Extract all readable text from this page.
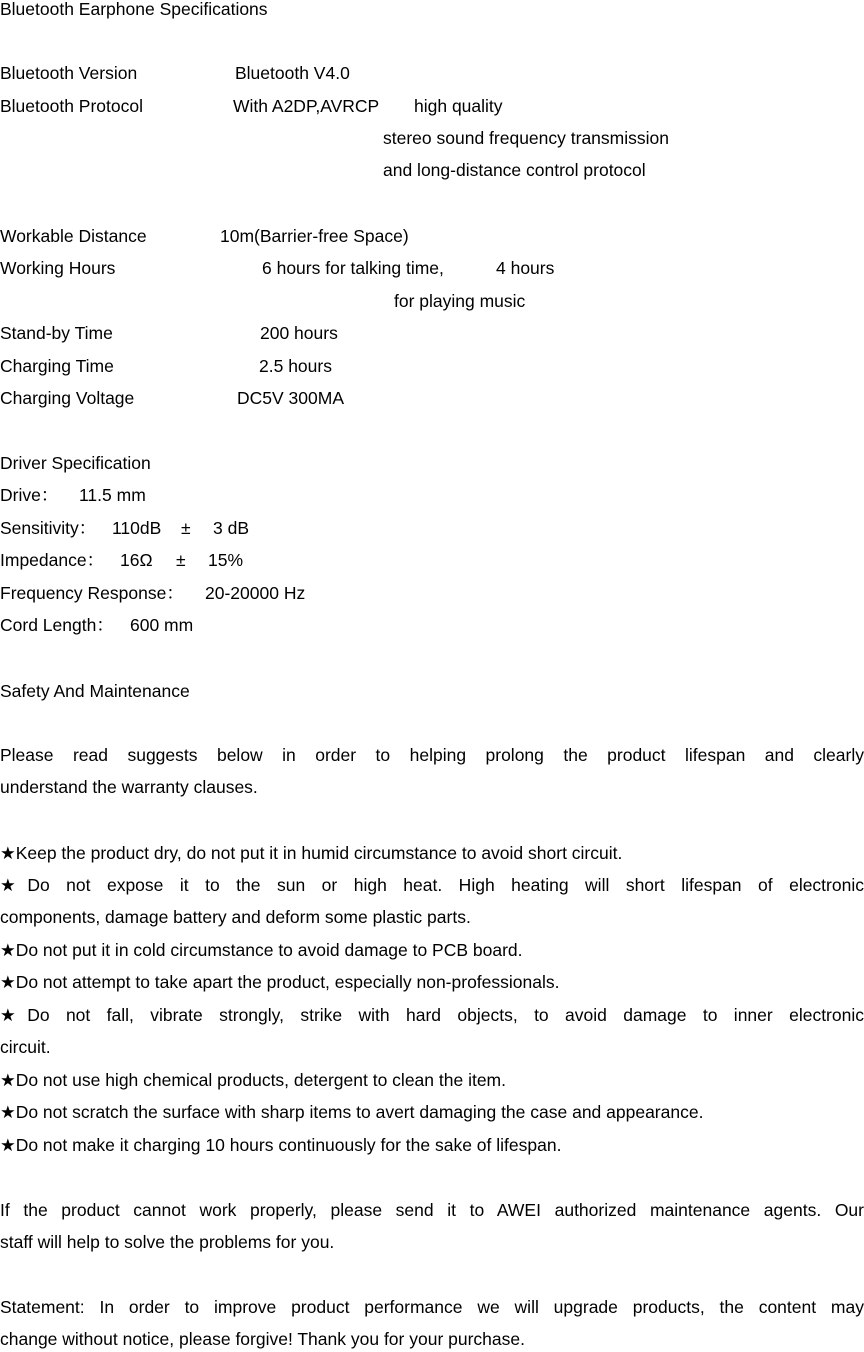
Bluetooth Earphone Specifications
Bluetooth Version	Bluetooth V4.0
Bluetooth Protocol	With A2DP,AVRCP high quality
stereo sound frequency transmission
and long-distance control protocol
Workable Distance	10m(Barrier-free Space)
Working Hours	6 hours for talking time,	4 hours
for playing music
Stand-by Time	200 hours
Charging Time	2.5 hours
Charging Voltage	DC5V 300MA
Driver Specification
Drive： 11.5 mm
Sensitivity： 110dB ± 3 dB
Impedance： 16Ω ± 15%
Frequency Response： 20-20000 Hz
Cord Length： 600 mm
Safety And Maintenance
Please read suggests below in order to helping prolong the product lifespan and clearly
understand the warranty clauses.
★Keep the product dry, do not put it in humid circumstance to avoid short circuit.
★Do not expose it to the sun or high heat. High heating will short lifespan of electronic
components, damage battery and deform some plastic parts.
★Do not put it in cold circumstance to avoid damage to PCB board.
★Do not attempt to take apart the product, especially non-professionals.
★Do not fall, vibrate strongly, strike with hard objects, to avoid damage to inner electronic
circuit.
★Do not use high chemical products, detergent to clean the item.
★Do not scratch the surface with sharp items to avert damaging the case and appearance.
★Do not make it charging 10 hours continuously for the sake of lifespan.
If the product cannot work properly, please send it to AWEI authorized maintenance agents. Our
staff will help to solve the problems for you.
Statement: In order to improve product performance we will upgrade products, the content may
change without notice, please forgive! Thank you for your purchase.
